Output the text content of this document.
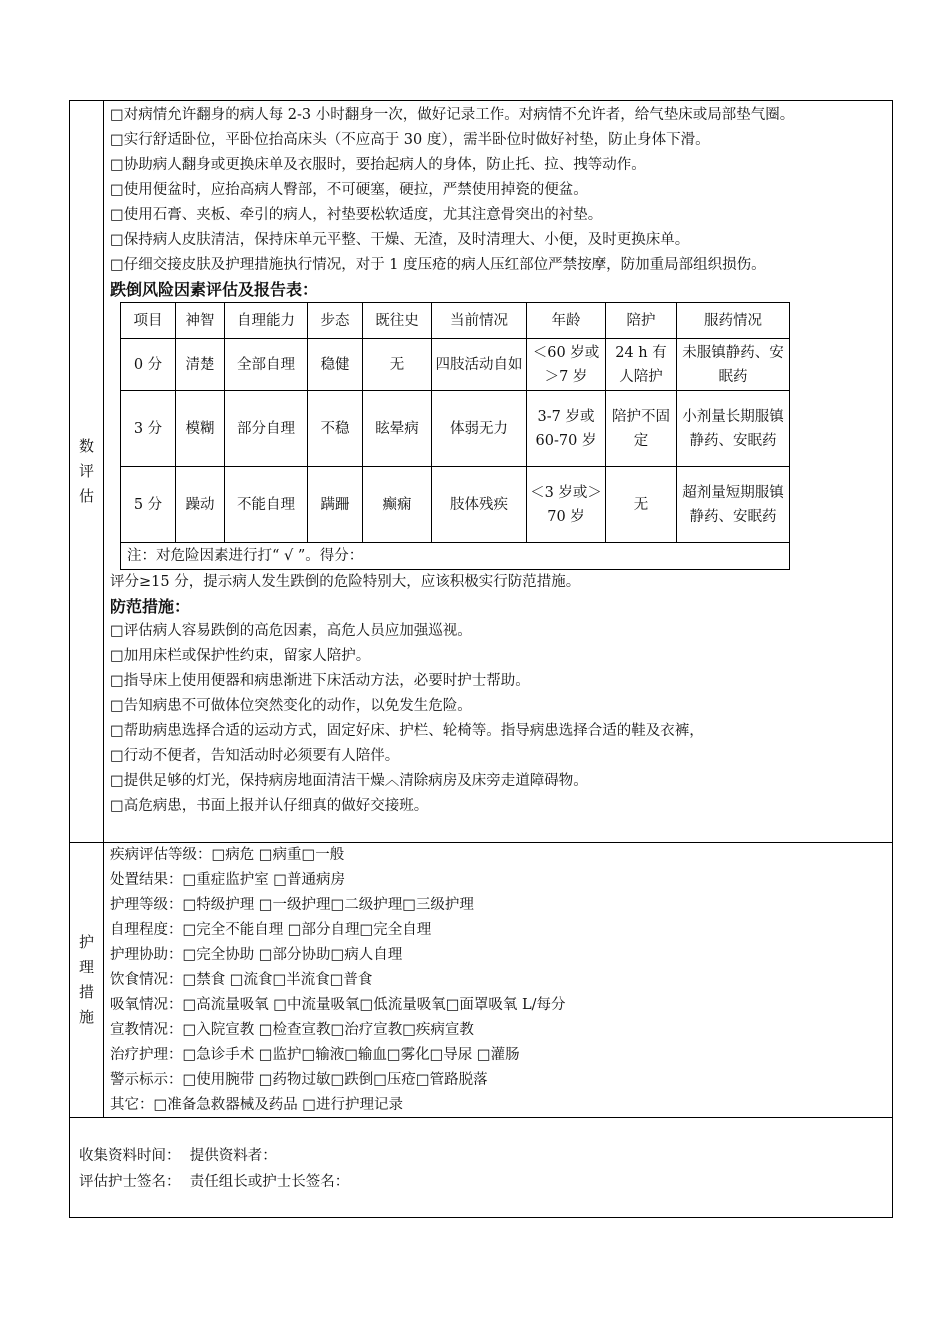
数
评
估
□对病情允许翻身的病人每 2-3 小时翻身一次，做好记录工作。对病情不允许者，给气垫床或局部垫气圈。
□实行舒适卧位，平卧位抬高床头（不应高于 30 度），需半卧位时做好衬垫，防止身体下滑。
□协助病人翻身或更换床单及衣服时，要抬起病人的身体，防止托、拉、拽等动作。
□使用便盆时，应抬高病人臀部，不可硬塞，硬拉，严禁使用掉瓷的便盆。
□使用石膏、夹板、牵引的病人，衬垫要松软适度，尤其注意骨突出的衬垫。
□保持病人皮肤清洁，保持床单元平整、干燥、无渣，及时清理大、小便，及时更换床单。
□仔细交接皮肤及护理措施执行情况，对于 1 度压疮的病人压红部位严禁按摩，防加重局部组织损伤。
跌倒风险因素评估及报告表：
项目	神智	自理能力	步态	既往史	当前情况	年龄	陪护	服药情况
0 分	清楚	全部自理	稳健	无	四肢活动自如	＜60 岁或＞7 岁	24 h 有人陪护	未服镇静药、安眠药
3 分	模糊	部分自理	不稳	眩晕病	体弱无力	3-7 岁或60-70 岁	陪护不固定	小剂量长期服镇静药、安眠药
5 分	躁动	不能自理	蹒跚	癫痫	肢体残疾	＜3 岁或＞70 岁	无	超剂量短期服镇静药、安眠药
注：对危险因素进行打“ √ ”。得分：								
评分≥15 分，提示病人发生跌倒的危险特别大，应该积极实行防范措施。
防范措施：
□评估病人容易跌倒的高危因素，高危人员应加强巡视。
□加用床栏或保护性约束，留家人陪护。
□指导床上使用便器和病患渐进下床活动方法，必要时护士帮助。
□告知病患不可做体位突然变化的动作，以免发生危险。
□帮助病患选择合适的运动方式，固定好床、护栏、轮椅等。指导病患选择合适的鞋及衣裤，
□行动不便者，告知活动时必须要有人陪伴。
□提供足够的灯光，保持病房地面清洁干燥︿清除病房及床旁走道障碍物。
□高危病患，书面上报并认仔细真的做好交接班。
护
理
措
施
疾病评估等级：□病危 □病重□一般
处置结果：□重症监护室 □普通病房
护理等级：□特级护理 □一级护理□二级护理□三级护理
自理程度：□完全不能自理 □部分自理□完全自理
护理协助：□完全协助 □部分协助□病人自理
饮食情况：□禁食 □流食□半流食□普食
吸氧情况：□高流量吸氧 □中流量吸氧□低流量吸氧□面罩吸氧 L/每分
宣教情况：□入院宣教 □检查宣教□治疗宣教□疾病宣教
治疗护理：□急诊手术 □监护□输液□输血□雾化□导尿 □灌肠
警示标示：□使用腕带 □药物过敏□跌倒□压疮□管路脱落
其它：□准备急救器械及药品 □进行护理记录
收集资料时间：  提供资料者：
评估护士签名：  责任组长或护士长签名：
